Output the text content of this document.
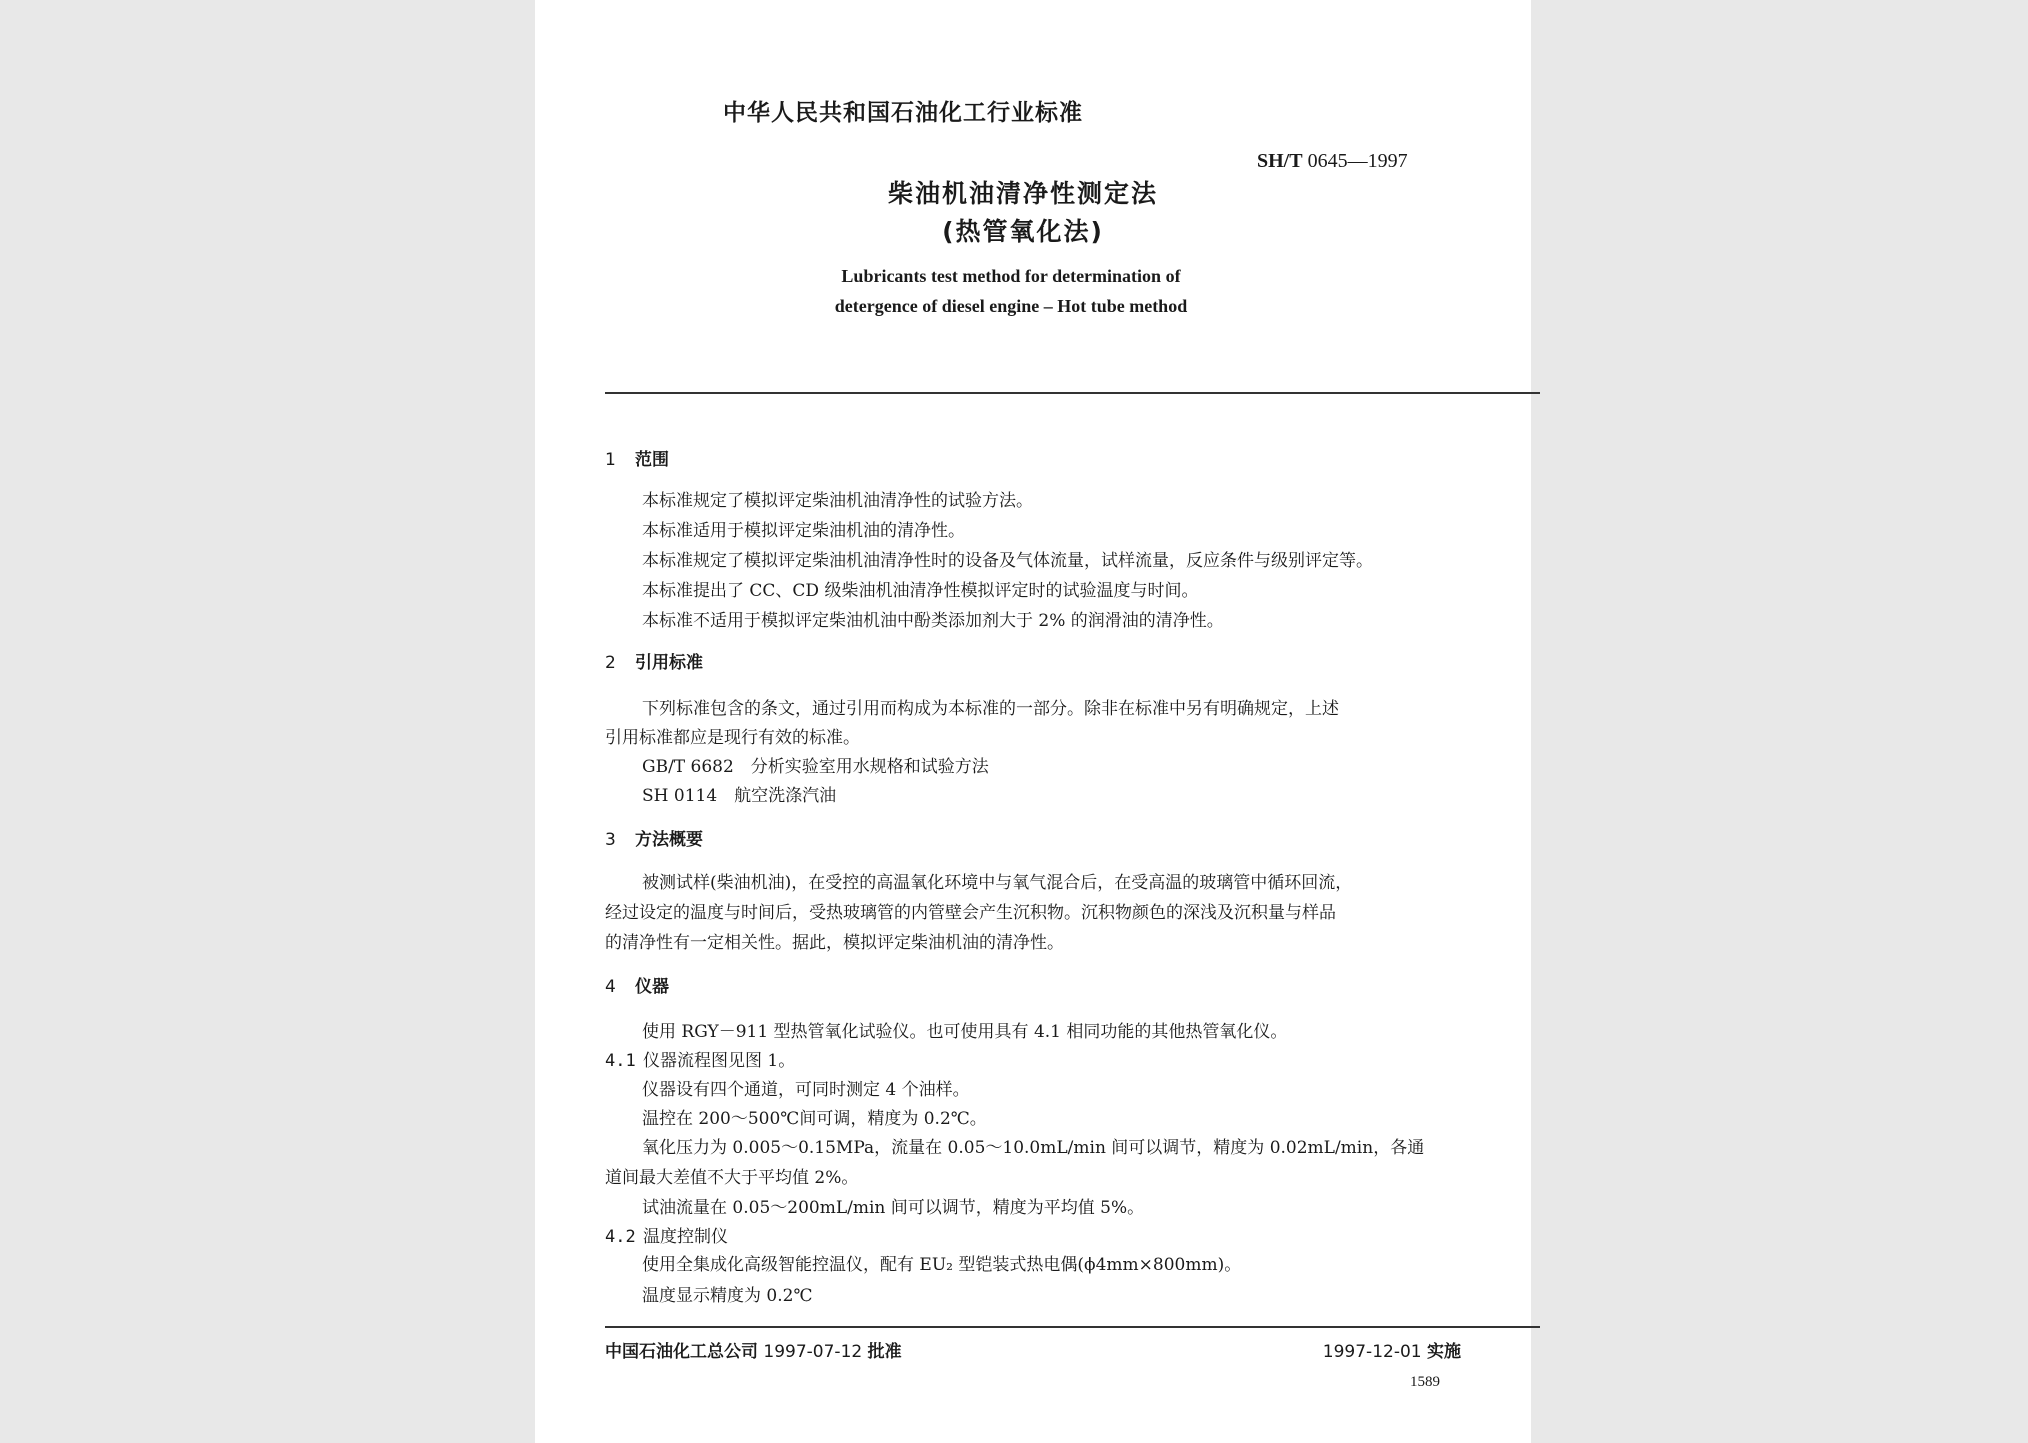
中华人民共和国石油化工行业标准
SH/T 0645—1997
柴油机油清净性测定法
(热管氧化法)
Lubricants test method for determination of
detergence of diesel engine – Hot tube method
1 范围
本标准规定了模拟评定柴油机油清净性的试验方法。
本标准适用于模拟评定柴油机油的清净性。
本标准规定了模拟评定柴油机油清净性时的设备及气体流量，试样流量，反应条件与级别评定等。
本标准提出了 CC、CD 级柴油机油清净性模拟评定时的试验温度与时间。
本标准不适用于模拟评定柴油机油中酚类添加剂大于 2% 的润滑油的清净性。
2 引用标准
下列标准包含的条文，通过引用而构成为本标准的一部分。除非在标准中另有明确规定，上述
引用标准都应是现行有效的标准。
GB/T 6682　分析实验室用水规格和试验方法
SH 0114　航空洗涤汽油
3 方法概要
被测试样(柴油机油)，在受控的高温氧化环境中与氧气混合后，在受高温的玻璃管中循环回流，
经过设定的温度与时间后，受热玻璃管的内管壁会产生沉积物。沉积物颜色的深浅及沉积量与样品
的清净性有一定相关性。据此，模拟评定柴油机油的清净性。
4 仪器
使用 RGY－911 型热管氧化试验仪。也可使用具有 4.1 相同功能的其他热管氧化仪。
4.1 仪器流程图见图 1。
仪器设有四个通道，可同时测定 4 个油样。
温控在 200～500℃间可调，精度为 0.2℃。
氧化压力为 0.005～0.15MPa，流量在 0.05～10.0mL/min 间可以调节，精度为 0.02mL/min，各通
道间最大差值不大于平均值 2%。
试油流量在 0.05～200mL/min 间可以调节，精度为平均值 5%。
4.2 温度控制仪
使用全集成化高级智能控温仪，配有 EU₂ 型铠装式热电偶(ϕ4mm×800mm)。
温度显示精度为 0.2℃
中国石油化工总公司 1997-07-12 批准	1997-12-01 实施
1589
